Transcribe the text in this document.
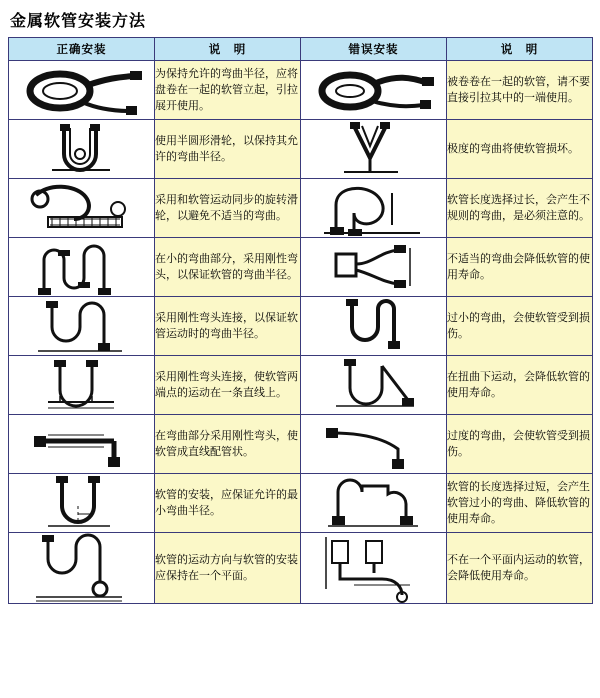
金属软管安装方法
正确安装	说　明	错误安装	说　明

	为保持允许的弯曲半径，应将盘卷在一起的软管立起，引拉展开使用。		被卷卷在一起的软管，请不要直接引拉其中的一端使用。

	使用半圆形滑轮，以保持其允许的弯曲半径。		极度的弯曲将使软管损坏。

	采用和软管运动同步的旋转滑轮，以避免不适当的弯曲。		软管长度选择过长，会产生不规则的弯曲，是必须注意的。

	在小的弯曲部分，采用刚性弯头，以保证软管的弯曲半径。		不适当的弯曲会降低软管的使用寿命。

	采用刚性弯头连接，以保证软管运动时的弯曲半径。		过小的弯曲，会使软管受到损伤。

	采用刚性弯头连接，使软管两端点的运动在一条直线上。		在扭曲下运动，会降低软管的使用寿命。

	在弯曲部分采用刚性弯头，使软管成直线配管状。		过度的弯曲，会使软管受到损伤。

	软管的安装，应保证允许的最小弯曲半径。		软管的长度选择过短，会产生软管过小的弯曲、降低软管的使用寿命。

	软管的运动方向与软管的安装应保持在一个平面。		不在一个平面内运动的软管，会降低使用寿命。
